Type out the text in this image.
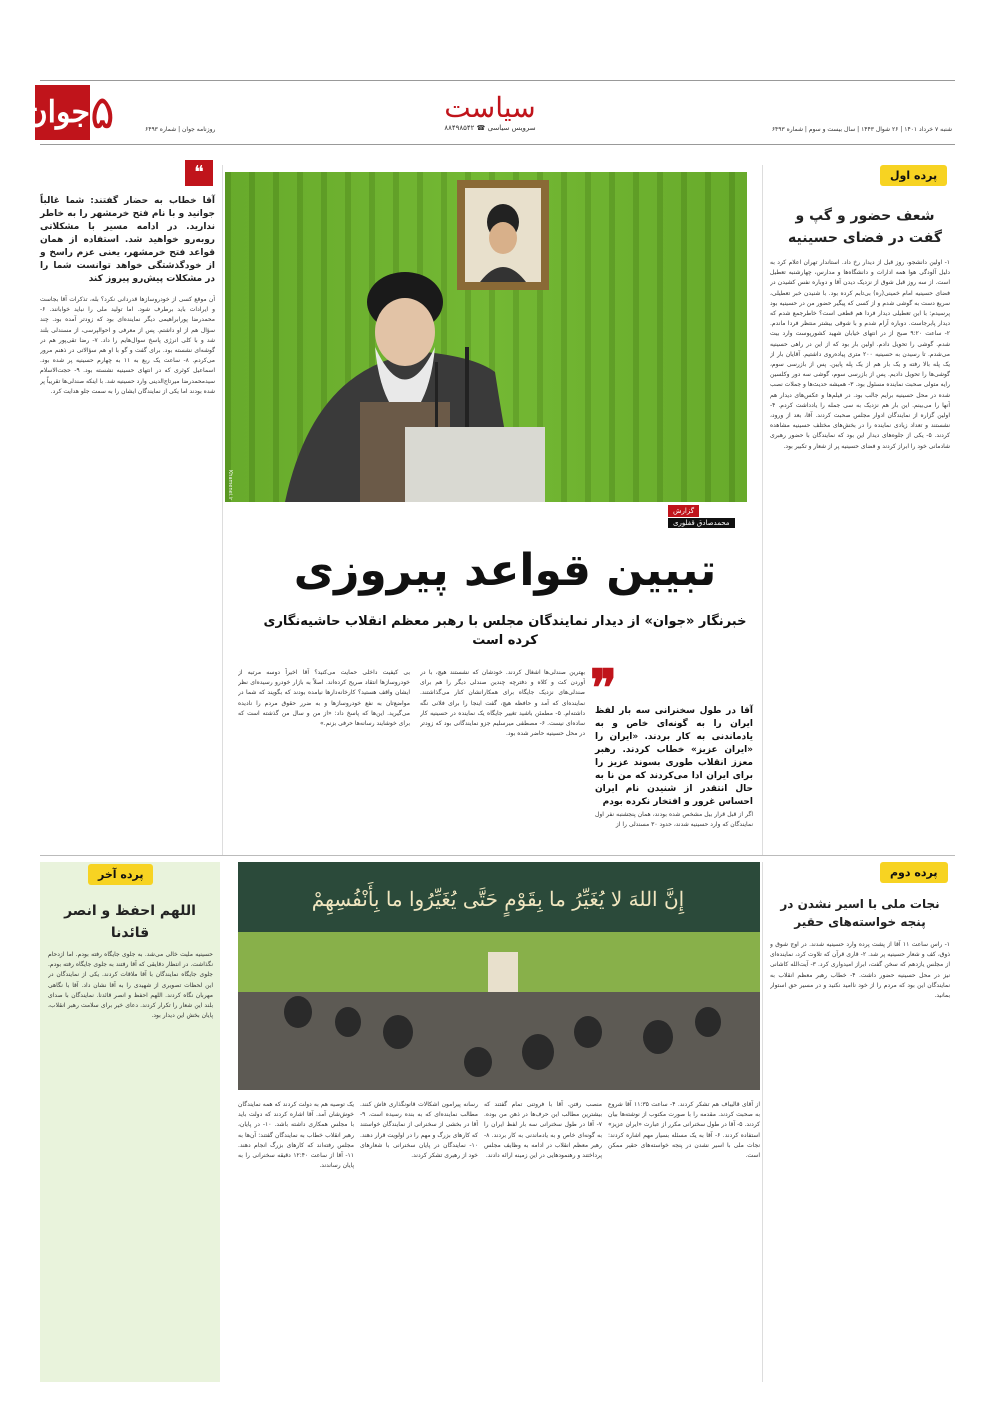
جوان ۵	سیاست
سرویس سیاسی ☎ ۸۸۴۹۸۵۴۲	شنبه ۷ خرداد ۱۴۰۱ | ۲۶ شوال ۱۴۴۳ | سال بیست و سوم | شماره ۶۴۹۳
روزنامه جوان | شماره ۶۴۹۳
پرده اول
شعف حضور و گپ و گفت در فضای حسینیه

۱- اولین دانشجو، روز قبل از دیدار رخ داد. استاندار تهران اعلام کرد به دلیل آلودگی هوا همه ادارات و دانشگاه‌ها و مدارس، چهارشنبه تعطیل است. از سه روز قبل شوق از نزدیک دیدن آقا و دوباره نفس کشیدن در فضای حسینیه امام خمینی(ره) بی‌تابم کرده بود. با شنیدن خبر تعطیلی، سریع دست به گوشی شدم و از کسی که پیگیر حضور من در حسینیه بود پرسیدم: با این تعطیلی دیدار فردا هم قطعی است؟ خاطرجمع شدم که دیدار پابرجاست. دوباره آرام شدم و با شوقی بیشتر منتظر فردا ماندم. ۲- ساعت ۹:۲۰ صبح از در انتهای خیابان شهید کشورپوست وارد بیت شدم. گوشی را تحویل دادم. اولین بار بود که از این در راهی حسینیه می‌شدم. تا رسیدن به حسینیه ۲۰۰ متری پیاده‌روی داشتیم. آقایان بار از یک پله بالا رفته و یک بار هم از یک پله پایین. پس از بازرسی سوم، گوشی‌ها را تحویل دادیم. پس از بازرسی سوم، گوشی سه دور وکلسین رایه متولی صحبت نماینده مسئول بود. ۳- همیشه حدیث‌ها و جملات نصب شده در محل حسینیه برایم جالب بود. در فیلم‌ها و عکس‌های دیدار هم آنها را می‌بینم. این بار هم نزدیک به سی جمله را یادداشت کردم. ۴- اولین گزاره از نمایندگان ادوار مجلس صحبت کردند. آقا، بعد از ورود، نشستند و تعداد زیادی نماینده را در بخش‌های مختلف حسینیه مشاهده کردند. ۵- یکی از جلوه‌های دیدار این بود که نمایندگان با حضور رهبری شادمانی خود را ابراز کردند و فضای حسینیه پر از شعار و تکبیر بود.

Khamenei.ir
گزارش
محمدصادق قفلوری
تبیین قواعد پیروزی
خبرنگار «جوان» از دیدار نمایندگان مجلس با رهبر معظم انقلاب حاشیه‌نگاری کرده است
❝
آقا خطاب به حضار گفتند: شما غالباً جوانید و با نام فتح خرمشهر را به خاطر ندارید. در ادامه مسیر با مشکلاتی روبه‌رو خواهید شد. استفاده از همان قواعد فتح خرمشهر، یعنی عزم راسخ و از خودگذشتگی خواهد توانست شما را در مشکلات پیش‌رو پیروز کند

آن موقع کسی از خودروسازها قدردانی نکرد؟ بله، تذکرات آقا بجاست و ایرادات باید برطرف شود. اما تولید ملی را نباید خوابانند. ۶- محمدرضا پورابراهیمی دیگر نماینده‌ای بود که زودتر آمده بود. چند سؤال هم از او داشتم. پس از معرفی و احوالپرسی، از مسندلی بلند شد و با کلی انرژی پاسخ سوال‌هایم را داد. ۷- رضا تقی‌پور هم در گوشه‌ای نشسته بود. برای گفت و گو با او هم سؤالاتی در ذهنم مرور می‌کردم. ۸- ساعت یک ربع به ۱۱ به چهارم حسینیه پر شده بود. اسماعیل کوثری که در انتهای حسینیه نشسته بود. ۹- حجت‌الاسلام سیدمحمدرضا میرتاج‌الدینی وارد حسینیه شد. با اینکه صندلی‌ها تقریباً پر شده بودند اما یکی از نمایندگان ایشان را به سمت جلو هدایت کرد.

❞
آقا در طول سخنرانی سه بار لفظ ایران را به گونه‌ای خاص و به یادماندنی به کار بردند. «ایران را «ایران عزیز» خطاب کردند. رهبر معزز انقلاب طوری بسوند عزیز را برای ایران ادا می‌کردند که من نا به حال انتقدر از شنیدن نام ایران احساس غرور و افتخار نکرده بودم

اگر از قبل قرار بیل مشخص شده بودند، همان پنجشنبه نفر اول نمایندگان که وارد حسینیه شدند، حدود ۳۰ مسندلی را از

بهترین صندلی‌ها اشغال کردند. خودشان که نشستند هیچ، با در آوردن کت و کلاه و دفترچه چندین صندلی دیگر را هم برای صندلی‌های نزدیک جایگاه برای همکارانشان کنار می‌گذاشتند. نماینده‌ای که آمد و حافظه هیچ، گفت اینجا را برای فلانی نگه داشته‌ام. ۵- مطمئن باشید تغییر جایگاه یک نماینده در حسینیه کار ساده‌ای نیست. ۶- مصطفی میرسلیم جزو نمایندگانی بود که زودتر در محل حسینیه حاضر شده بود.

بی کیفیت داخلی حمایت می‌کنید؟ آقا اخیراً دوسه مرتبه از خودروسازها انتقاد صریح کرده‌اند. اصلاً به بازار خودرو رسیده‌ای نظر ایشان واقف هستید؟ کارخانه‌دارها نیامده بودند که بگویند که شما در مواضع‌تان به نفع خودروسازها و به ضرر حقوق مردم را نادیده می‌گیرید. این‌ها که پاسخ داد: «از من و سال من گذشته است که برای خوشایند رسانه‌ها حرفی بزنم.»

پرده دوم
نجات ملی با اسیر نشدن در پنجه خواسته‌های حقیر

۱- راس ساعت ۱۱ آقا از پشت پرده وارد حسینیه شدند. در اوج شوق و ذوق، کف و شعار حسینیه پر شد. ۲- قاری قرآن که تلاوت کرد، نماینده‌ای از مجلس یازدهم که سخن گفت، ابراز امیدواری کرد. ۳- آیت‌الله کاشانی نیز در محل حسینیه حضور داشت. ۴- خطاب رهبر معظم انقلاب به نمایندگان این بود که مردم را از خود ناامید نکنید و در مسیر حق استوار بمانید.

إِنَّ اللهَ لا یُغَیِّرُ ما بِقَوْمٍ حَتَّی یُغَیِّرُوا ما بِأَنْفُسِهِمْ

از آقای قالیباف هم تشکر کردند. ۴- ساعت ۱۱:۳۵ آقا شروع به صحبت کردند. مقدمه را با صورت مکتوب از نوشته‌ها بیان کردند. ۵- آقا در طول سخنرانی مکرر از عبارت «ایران عزیز» استفاده کردند. ۶- آقا به یک مسئله بسیار مهم اشاره کردند: نجات ملی با اسیر نشدن در پنجه خواسته‌های حقیر ممکن است.

منصب رفتن. آقا با فروتنی تمام گفتند که بیشترین مطالب این حرف‌ها در ذهن من بوده. ۷- آقا در طول سخنرانی سه بار لفظ ایران را به گونه‌ای خاص و به یادماندنی به کار بردند. ۸- رهبر معظم انقلاب در ادامه به وظایف مجلس پرداختند و رهنمودهایی در این زمینه ارائه دادند.

رسانه پیرامون اشکالات قانونگذاری فاش کنند. مطالب نماینده‌ای که به بنده رسیده است. ۹- آقا در بخشی از سخنرانی از نمایندگان خواستند که کارهای بزرگ و مهم را در اولویت قرار دهند. ۱۰- نمایندگان در پایان سخنرانی با شعارهای خود از رهبری تشکر کردند.

یک توصیه هم به دولت کردند که همه نمایندگان خوش‌شان آمد. آقا اشاره کردند که دولت باید با مجلس همکاری داشته باشد. ۱۰- در پایان، رهبر انقلاب خطاب به نمایندگان گفتند: آن‌ها به مجلس رفته‌اند که کارهای بزرگ انجام دهند. ۱۱- آقا از ساعت ۱۲:۴۰ دقیقه سخنرانی را به پایان رساندند.

پرده آخر
اللهم احفظ و انصر قائدنا

حسینیه ملیت خالی می‌شد. به جلوی جایگاه رفته بودم. اما ازدحام نگذاشت. در انتظار دقایقی که آقا رفتند به جلوی جایگاه رفته بودم. جلوی جایگاه نمایندگان با آقا ملاقات کردند. یکی از نمایندگان در این لحظات تصویری از شهیدی را به آقا نشان داد. آقا با نگاهی مهربان نگاه کردند. اللهم احفظ و انصر قائدنا. نمایندگان با صدای بلند این شعار را تکرار کردند. دعای خیر برای سلامت رهبر انقلاب، پایان بخش این دیدار بود.
